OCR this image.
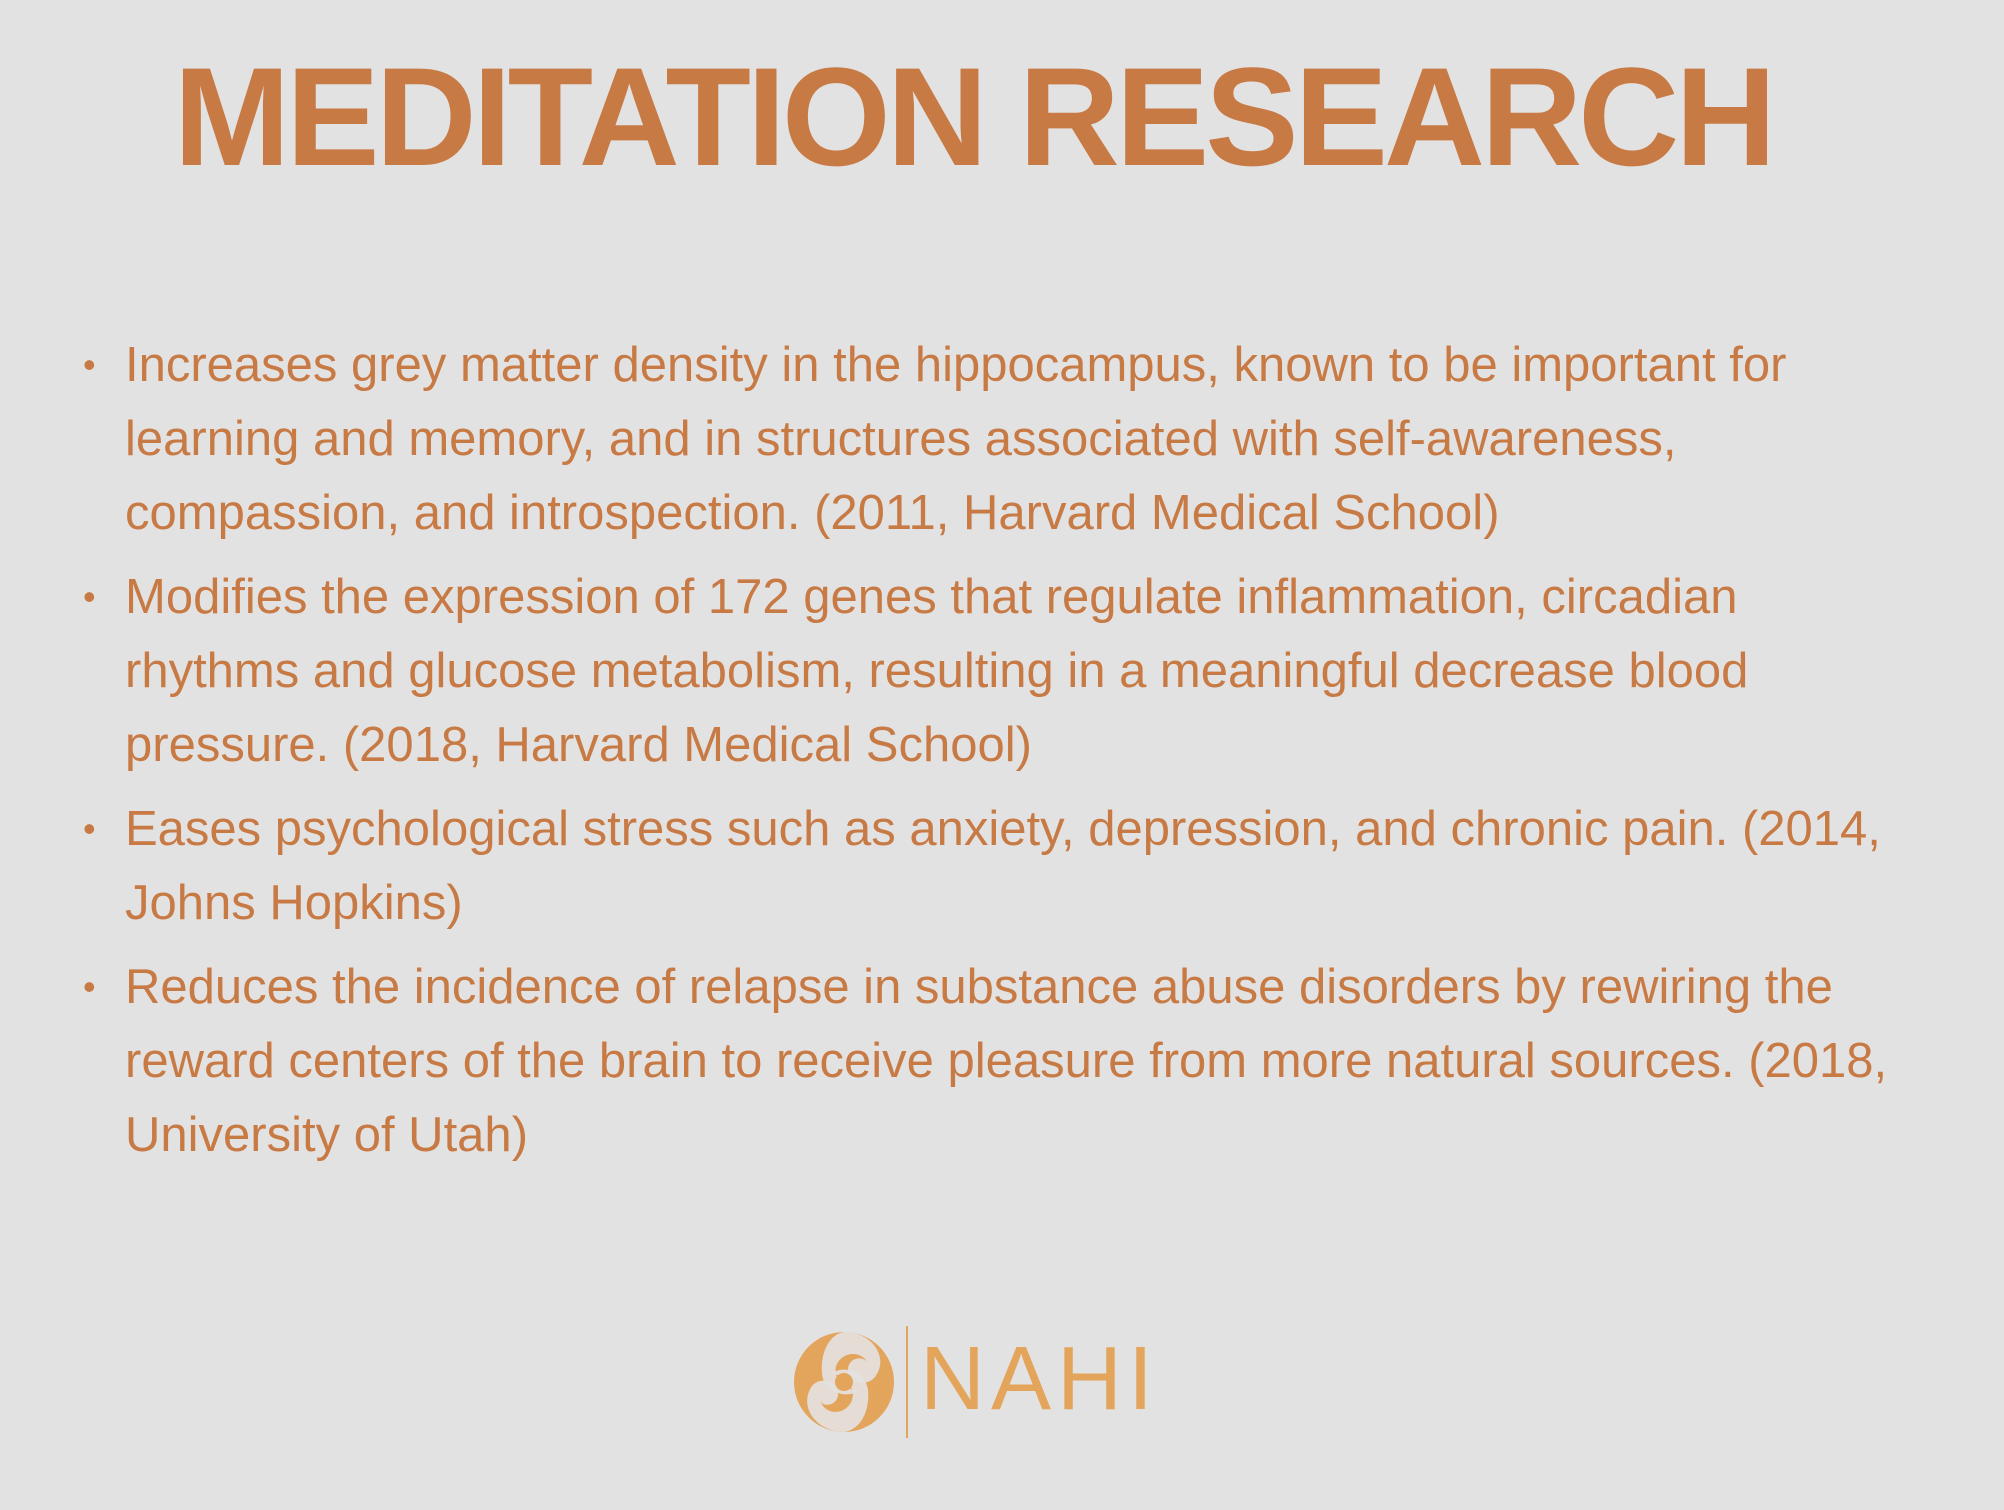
MEDITATION RESEARCH
• Increases grey matter density in the hippocampus, known to be important for learning and memory, and in structures associated with self-awareness, compassion, and introspection. (2011, Harvard Medical School)
• Modifies the expression of 172 genes that regulate inflammation, circadian rhythms and glucose metabolism, resulting in a meaningful decrease blood pressure. (2018, Harvard Medical School)
• Eases psychological stress such as anxiety, depression, and chronic pain. (2014, Johns Hopkins)
• Reduces the incidence of relapse in substance abuse disorders by rewiring the reward centers of the brain to receive pleasure from more natural sources. (2018, University of Utah)
NAHI
